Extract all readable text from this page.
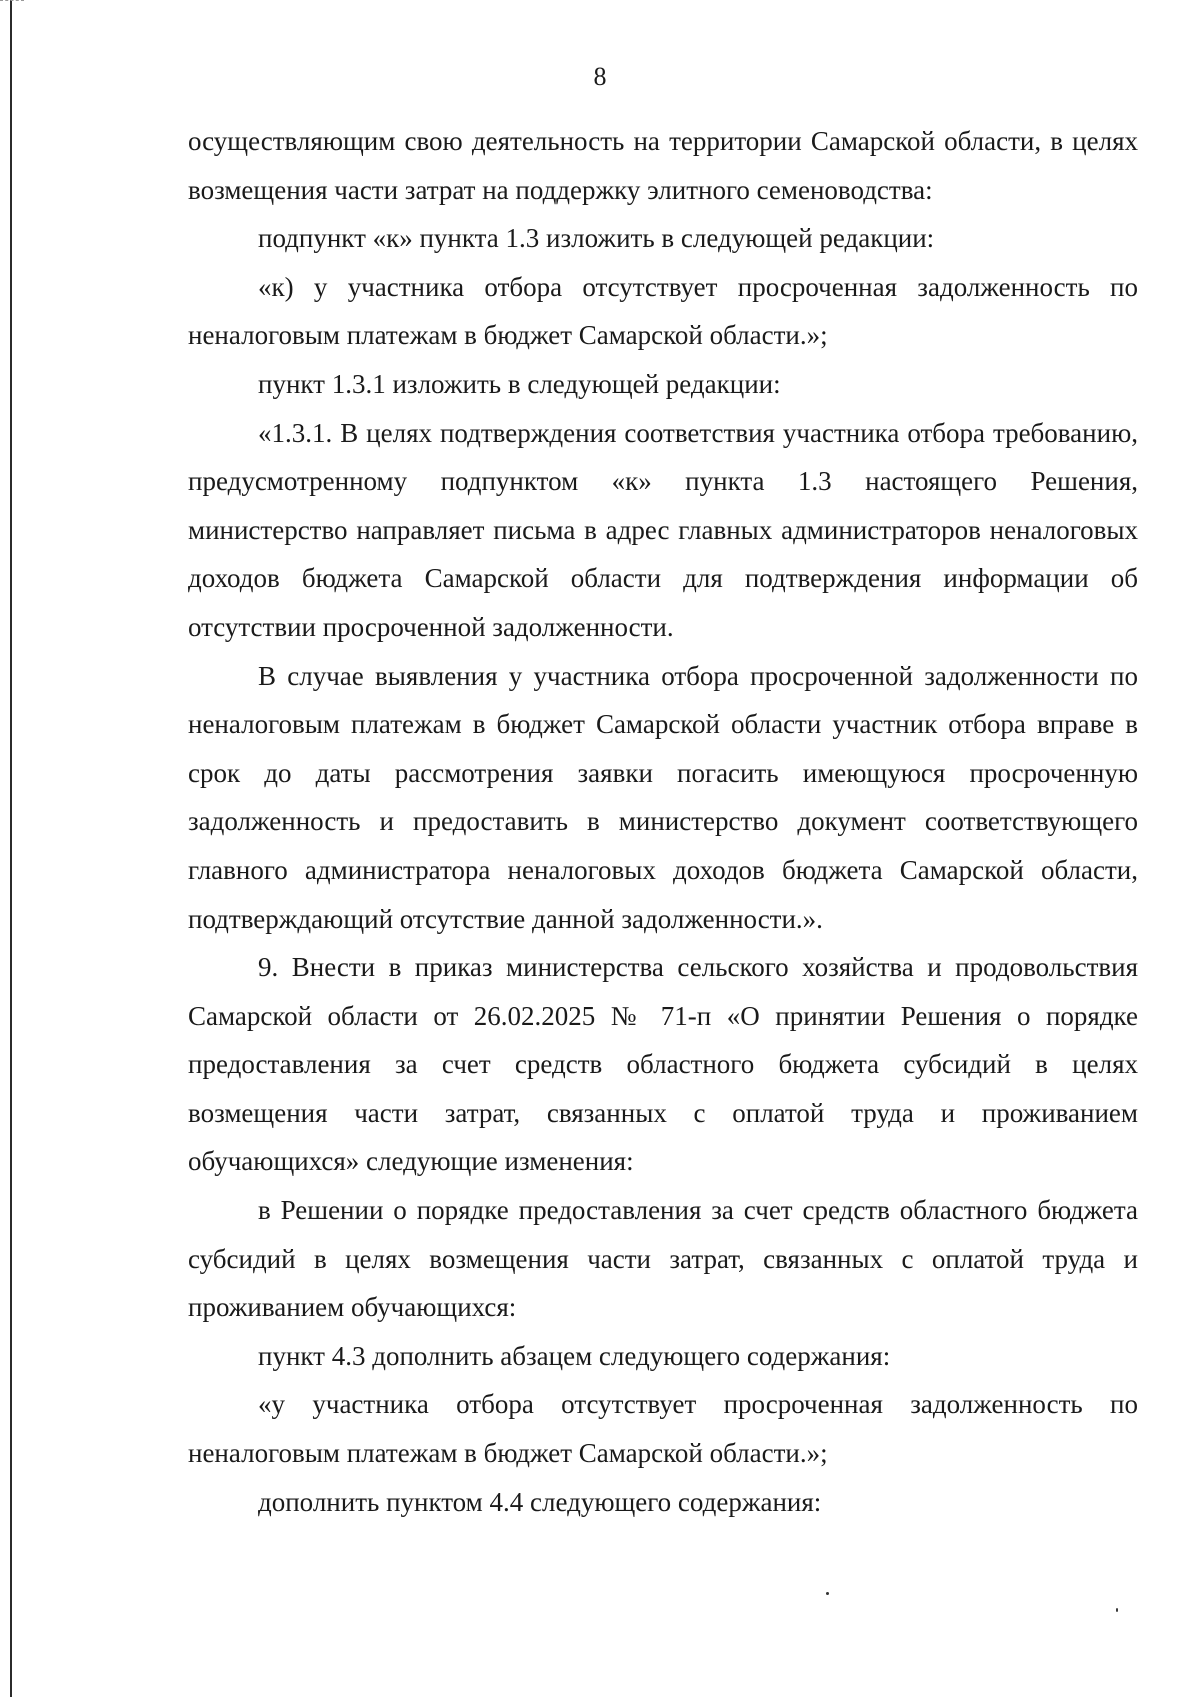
8

осуществляющим свою деятельность на территории Самарской области, в целях возмещения части затрат на поддержку элитного семеноводства:

подпункт «к» пункта 1.3 изложить в следующей редакции:

«к) у участника отбора отсутствует просроченная задолженность по неналоговым платежам в бюджет Самарской области.»;

пункт 1.3.1 изложить в следующей редакции:

«1.3.1. В целях подтверждения соответствия участника отбора требованию, предусмотренному подпунктом «к» пункта 1.3 настоящего Решения, министерство направляет письма в адрес главных администраторов неналоговых доходов бюджета Самарской области для подтверждения информации об отсутствии просроченной задолженности.

В случае выявления у участника отбора просроченной задолженности по неналоговым платежам в бюджет Самарской области участник отбора вправе в срок до даты рассмотрения заявки погасить имеющуюся просроченную задолженность и предоставить в министерство документ соответствующего главного администратора неналоговых доходов бюджета Самарской области, подтверждающий отсутствие данной задолженности.».

9. Внести в приказ министерства сельского хозяйства и продовольствия Самарской области от 26.02.2025 № 71-п «О принятии Решения о порядке предоставления за счет средств областного бюджета субсидий в целях возмещения части затрат, связанных с оплатой труда и проживанием обучающихся» следующие изменения:

в Решении о порядке предоставления за счет средств областного бюджета субсидий в целях возмещения части затрат, связанных с оплатой труда и проживанием обучающихся:

пункт 4.3 дополнить абзацем следующего содержания:

«у участника отбора отсутствует просроченная задолженность по неналоговым платежам в бюджет Самарской области.»;

дополнить пунктом 4.4 следующего содержания:
